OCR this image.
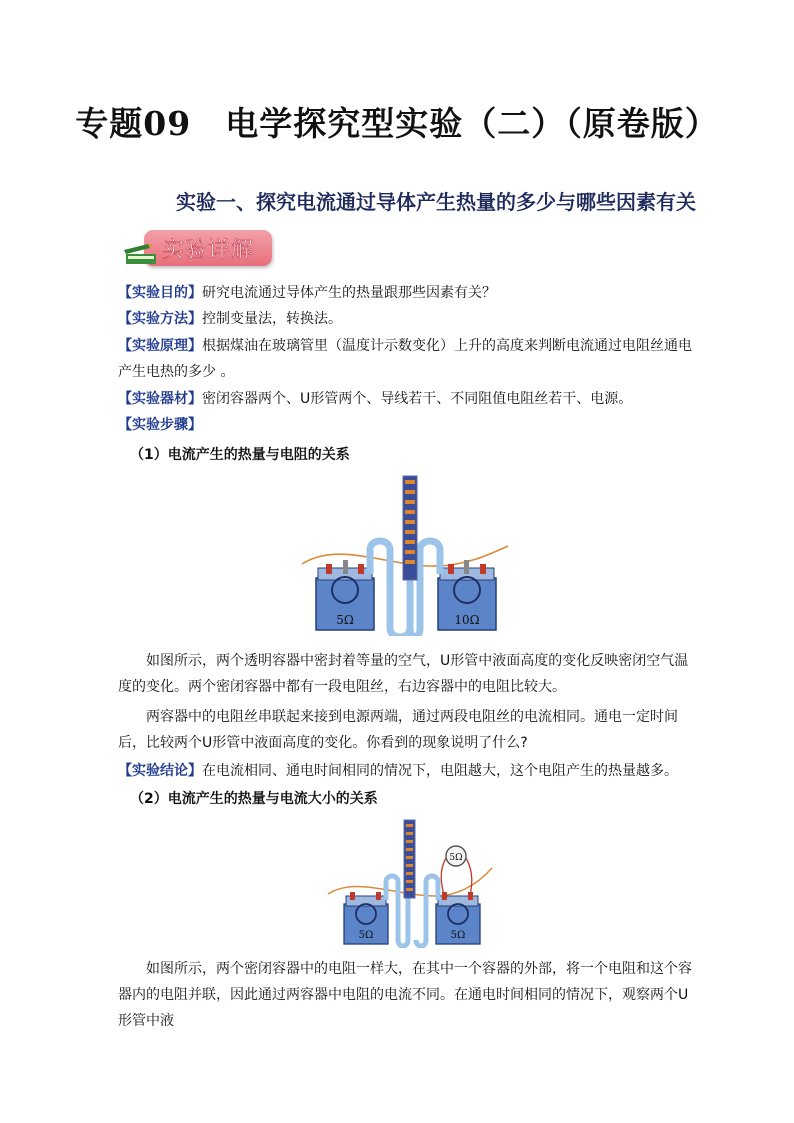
专题09　电学探究型实验（二）（原卷版）
实验一、探究电流通过导体产生热量的多少与哪些因素有关
实验详解
【实验目的】研究电流通过导体产生的热量跟那些因素有关？
【实验方法】控制变量法，转换法。
【实验原理】根据煤油在玻璃管里（温度计示数变化）上升的高度来判断电流通过电阻丝通电产生电热的多少 。
【实验器材】密闭容器两个、U形管两个、导线若干、不同阻值电阻丝若干、电源。
【实验步骤】
（1）电流产生的热量与电阻的关系
5Ω	10Ω
如图所示，两个透明容器中密封着等量的空气，U形管中液面高度的变化反映密闭空气温度的变化。两个密闭容器中都有一段电阻丝，右边容器中的电阻比较大。
两容器中的电阻丝串联起来接到电源两端，通过两段电阻丝的电流相同。通电一定时间后，比较两个U形管中液面高度的变化。你看到的现象说明了什么?
【实验结论】在电流相同、通电时间相同的情况下，电阻越大，这个电阻产生的热量越多。
（2）电流产生的热量与电流大小的关系
5Ω
5Ω	5Ω
如图所示，两个密闭容器中的电阻一样大，在其中一个容器的外部，将一个电阻和这个容器内的电阻并联，因此通过两容器中电阻的电流不同。在通电时间相同的情况下，观察两个U形管中液
